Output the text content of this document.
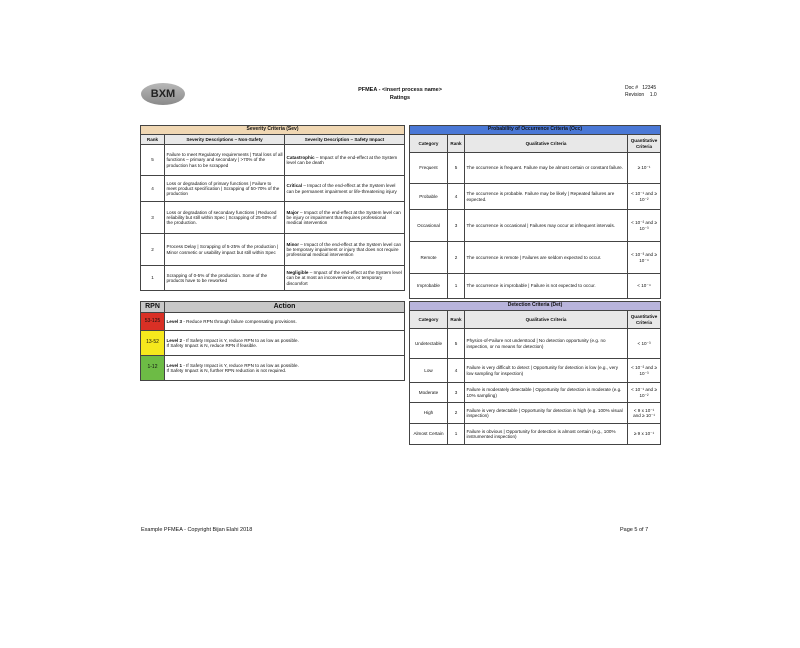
BXM	PFMEA - <insert process name>
Ratings
Doc # 12345
Revision 1.0
Severity Criteria (Sev)		
Rank	Severity Descriptions – Non-Safety	Severity Description – Safety Impact
5	Failure to meet Regulatory requirements | Total loss of all functions – primary and secondary | >70% of the production has to be scrapped	Catastrophic – Impact of the end-effect at the System level can be death
4	Loss or degradation of primary functions | Failure to meet product specification | Scrapping of 50-70% of the production	Critical – Impact of the end-effect at the System level can be permanent impairment or life-threatening injury
3	Loss or degradation of secondary functions | Reduced reliability but still within Spec | Scrapping of 25-50% of the production.	Major – Impact of the end-effect at the System level can be injury or impairment that requires professional medical intervention
2	Process Delay | Scrapping of 5-25% of the production | Minor cosmetic or usability impact but still within Spec	Minor – Impact of the end-effect at the System level can be temporary impairment or injury that does not require professional medical intervention
1	Scrapping of 0-5% of the production. Some of the products have to be reworked	Negligible – Impact of the end-effect at the System level can be at most an inconvenience, or temporary discomfort
RPN	Action
53-125	Level 3 - Reduce RPN through failure compensating provisions.
13-52	Level 2 - If Safety Impact is Y, reduce RPN to as low as possible.
If Safety Impact is N, reduce RPN if feasible.
1-12	Level 1 - If Safety Impact is Y, reduce RPN to as low as possible.
If Safety Impact is N, further RPN reduction is not required.
Probability of Occurrence Criteria (Occ)			
Category	Rank	Qualitative Criteria	Quantitative Criteria
Frequent	5	The occurrence is frequent. Failure may be almost certain or constant failure.	≥ 10⁻¹
Probable	4	The occurrence is probable. Failure may be likely | Repeated failures are expected.	< 10⁻¹ and ≥ 10⁻²
Occasional	3	The occurrence is occasional | Failures may occur at infrequent intervals.	< 10⁻² and ≥ 10⁻³
Remote	2	The occurrence is remote | Failures are seldom expected to occur.	< 10⁻³ and ≥ 10⁻⁴
Improbable	1	The occurrence is improbable | Failure is not expected to occur.	< 10⁻⁴
Detection Criteria (Det)			
Category	Rank	Qualitative Criteria	Quantitative Criteria
Undetectable	5	Physics-of-Failure not understood | No detection opportunity (e.g. no inspection, or no means for detection)	< 10⁻³
Low	4	Failure is very difficult to detect | Opportunity for detection is low (e.g., very low sampling for inspection)	< 10⁻² and ≥ 10⁻³
Moderate	3	Failure is moderately detectable | Opportunity for detection is moderate (e.g. 10% sampling)	< 10⁻¹ and ≥ 10⁻²
High	2	Failure is very detectable | Opportunity for detection is high (e.g. 100% visual inspection)	< 9 x 10⁻¹ and ≥ 10⁻¹
Almost Certain	1	Failure is obvious | Opportunity for detection is almost certain (e.g., 100% instrumented inspection)	≥ 9 x 10⁻¹
Example PFMEA - Copyright Bijan Elahi 2018	Page 5 of 7
